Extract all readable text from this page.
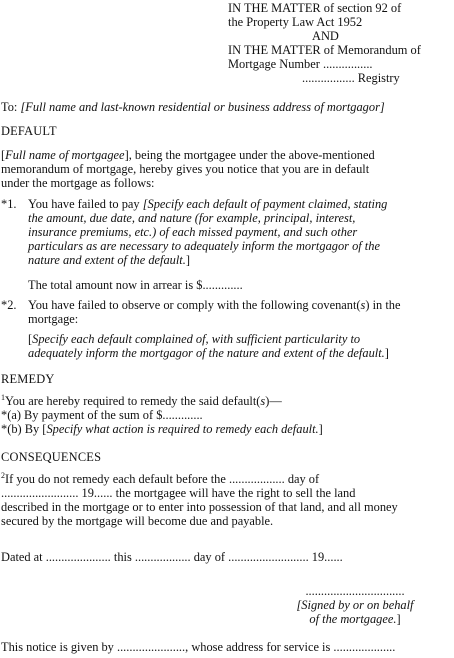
IN THE MATTER of section 92 of
the Property Law Act 1952
AND
IN THE MATTER of Memorandum of
Mortgage Number ................
................. Registry
To: [Full name and last-known residential or business address of mortgagor]
DEFAULT
[Full name of mortgagee], being the mortgagee under the above-mentioned
memorandum of mortgage, hereby gives you notice that you are in default
under the mortgage as follows:
*1. You have failed to pay [Specify each default of payment claimed, stating
the amount, due date, and nature (for example, principal, interest,
insurance premiums, etc.) of each missed payment, and such other
particulars as are necessary to adequately inform the mortgagor of the
nature and extent of the default.]
The total amount now in arrear is $.............
*2. You have failed to observe or comply with the following covenant(s) in the
mortgage:
[Specify each default complained of, with sufficient particularity to
adequately inform the mortgagor of the nature and extent of the default.]
REMEDY
$^1$You are hereby required to remedy the said default(s)—
*(a) By payment of the sum of $.............
*(b) By [Specify what action is required to remedy each default.]
CONSEQUENCES
$^2$If you do not remedy each default before the .................. day of
......................... 19...... the mortgagee will have the right to sell the land
described in the mortgage or to enter into possession of that land, and all money
secured by the mortgage will become due and payable.
Dated at ..................... this .................. day of .......................... 19......
................................
[Signed by or on behalf
of the mortgagee.]
This notice is given by ......................, whose address for service is ....................
